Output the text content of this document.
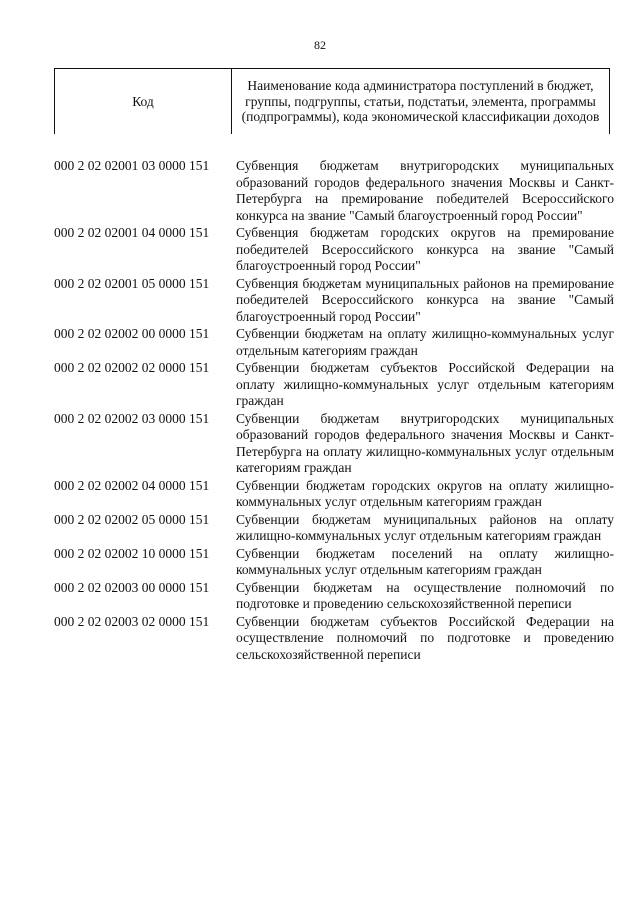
82
Код	Наименование кода администратора поступлений в бюджет, группы, подгруппы, статьи, подстатьи, элемента, программы (подпрограммы), кода экономической классификации доходов
000 2 02 02001 03 0000 151	Субвенция бюджетам внутригородских муниципальных образований городов федерального значения Москвы и Санкт-Петербурга на премирование победителей Всероссийского конкурса на звание "Самый благоустроенный город России"
000 2 02 02001 04 0000 151	Субвенция бюджетам городских округов на премирование победителей Всероссийского конкурса на звание "Самый благоустроенный город России"
000 2 02 02001 05 0000 151	Субвенция бюджетам муниципальных районов на премирование победителей Всероссийского конкурса на звание "Самый благоустроенный город России"
000 2 02 02002 00 0000 151	Субвенции бюджетам на оплату жилищно-коммунальных услуг отдельным категориям граждан
000 2 02 02002 02 0000 151	Субвенции бюджетам субъектов Российской Федерации на оплату жилищно-коммунальных услуг отдельным категориям граждан
000 2 02 02002 03 0000 151	Субвенции бюджетам внутригородских муниципальных образований городов федерального значения Москвы и Санкт-Петербурга на оплату жилищно-коммунальных услуг отдельным категориям граждан
000 2 02 02002 04 0000 151	Субвенции бюджетам городских округов на оплату жилищно-коммунальных услуг отдельным категориям граждан
000 2 02 02002 05 0000 151	Субвенции бюджетам муниципальных районов на оплату жилищно-коммунальных услуг отдельным категориям граждан
000 2 02 02002 10 0000 151	Субвенции бюджетам поселений на оплату жилищно-коммунальных услуг отдельным категориям граждан
000 2 02 02003 00 0000 151	Субвенции бюджетам на осуществление полномочий по подготовке и проведению сельскохозяйственной переписи
000 2 02 02003 02 0000 151	Субвенции бюджетам субъектов Российской Федерации на осуществление полномочий по подготовке и проведению сельскохозяйственной переписи
